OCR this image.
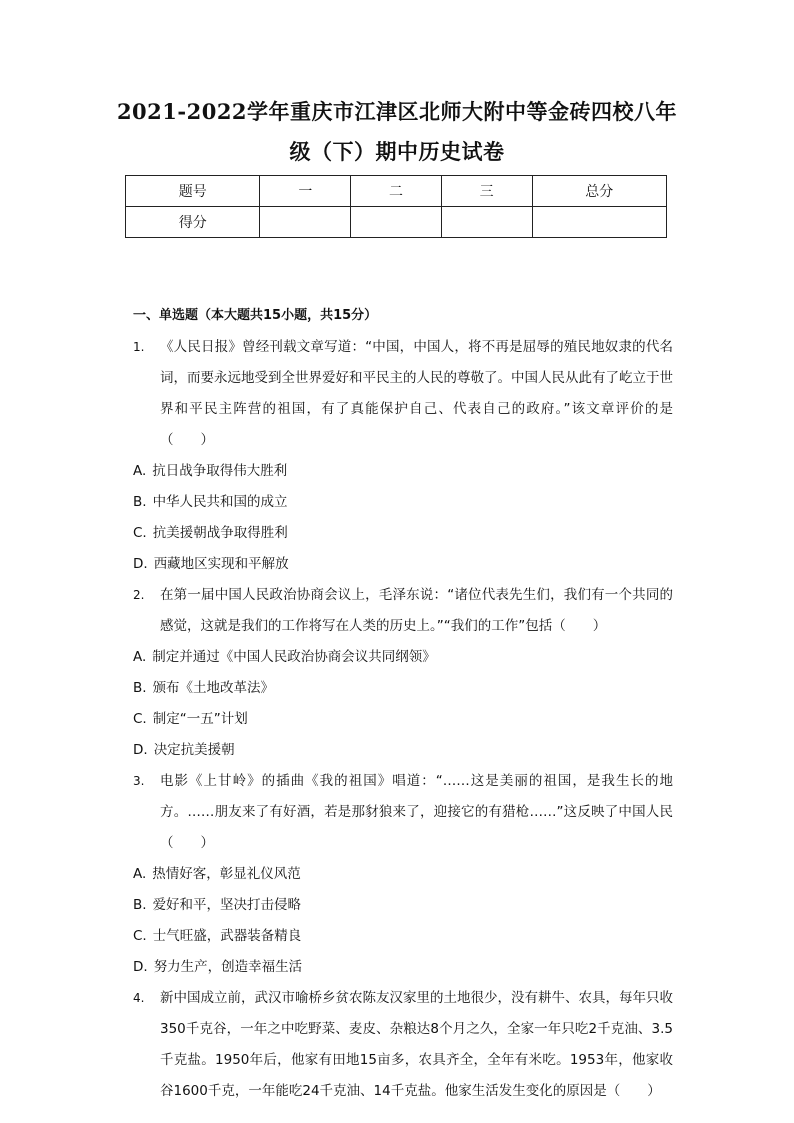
2021-2022学年重庆市江津区北师大附中等金砖四校八年
级（下）期中历史试卷
题号	一	二	三	总分
得分				
一、单选题（本大题共15小题，共15分）
1.	《人民日报》曾经刊载文章写道：“中国，中国人，将不再是屈辱的殖民地奴隶的代名词，而要永远地受到全世界爱好和平民主的人民的尊敬了。中国人民从此有了屹立于世界和平民主阵营的祖国，有了真能保护自己、代表自己的政府。”该文章评价的是（　　）
A. 抗日战争取得伟大胜利
B. 中华人民共和国的成立
C. 抗美援朝战争取得胜利
D. 西藏地区实现和平解放
2.	在第一届中国人民政治协商会议上，毛泽东说：“诸位代表先生们，我们有一个共同的感觉，这就是我们的工作将写在人类的历史上。”“我们的工作”包括（　　）
A. 制定并通过《中国人民政治协商会议共同纲领》
B. 颁布《土地改革法》
C. 制定“一五”计划
D. 决定抗美援朝
3.	电影《上甘岭》的插曲《我的祖国》唱道：“……这是美丽的祖国，是我生长的地方。……朋友来了有好酒，若是那豺狼来了，迎接它的有猎枪……”这反映了中国人民（　　）
A. 热情好客，彰显礼仪风范
B. 爱好和平，坚决打击侵略
C. 士气旺盛，武器装备精良
D. 努力生产，创造幸福生活
4.	新中国成立前，武汉市喻桥乡贫农陈友汉家里的土地很少，没有耕牛、农具，每年只收350千克谷，一年之中吃野菜、麦皮、杂粮达8个月之久，全家一年只吃2千克油、3.5千克盐。1950年后，他家有田地15亩多，农具齐全，全年有米吃。1953年，他家收谷1600千克，一年能吃24千克油、14千克盐。他家生活发生变化的原因是（　　）
